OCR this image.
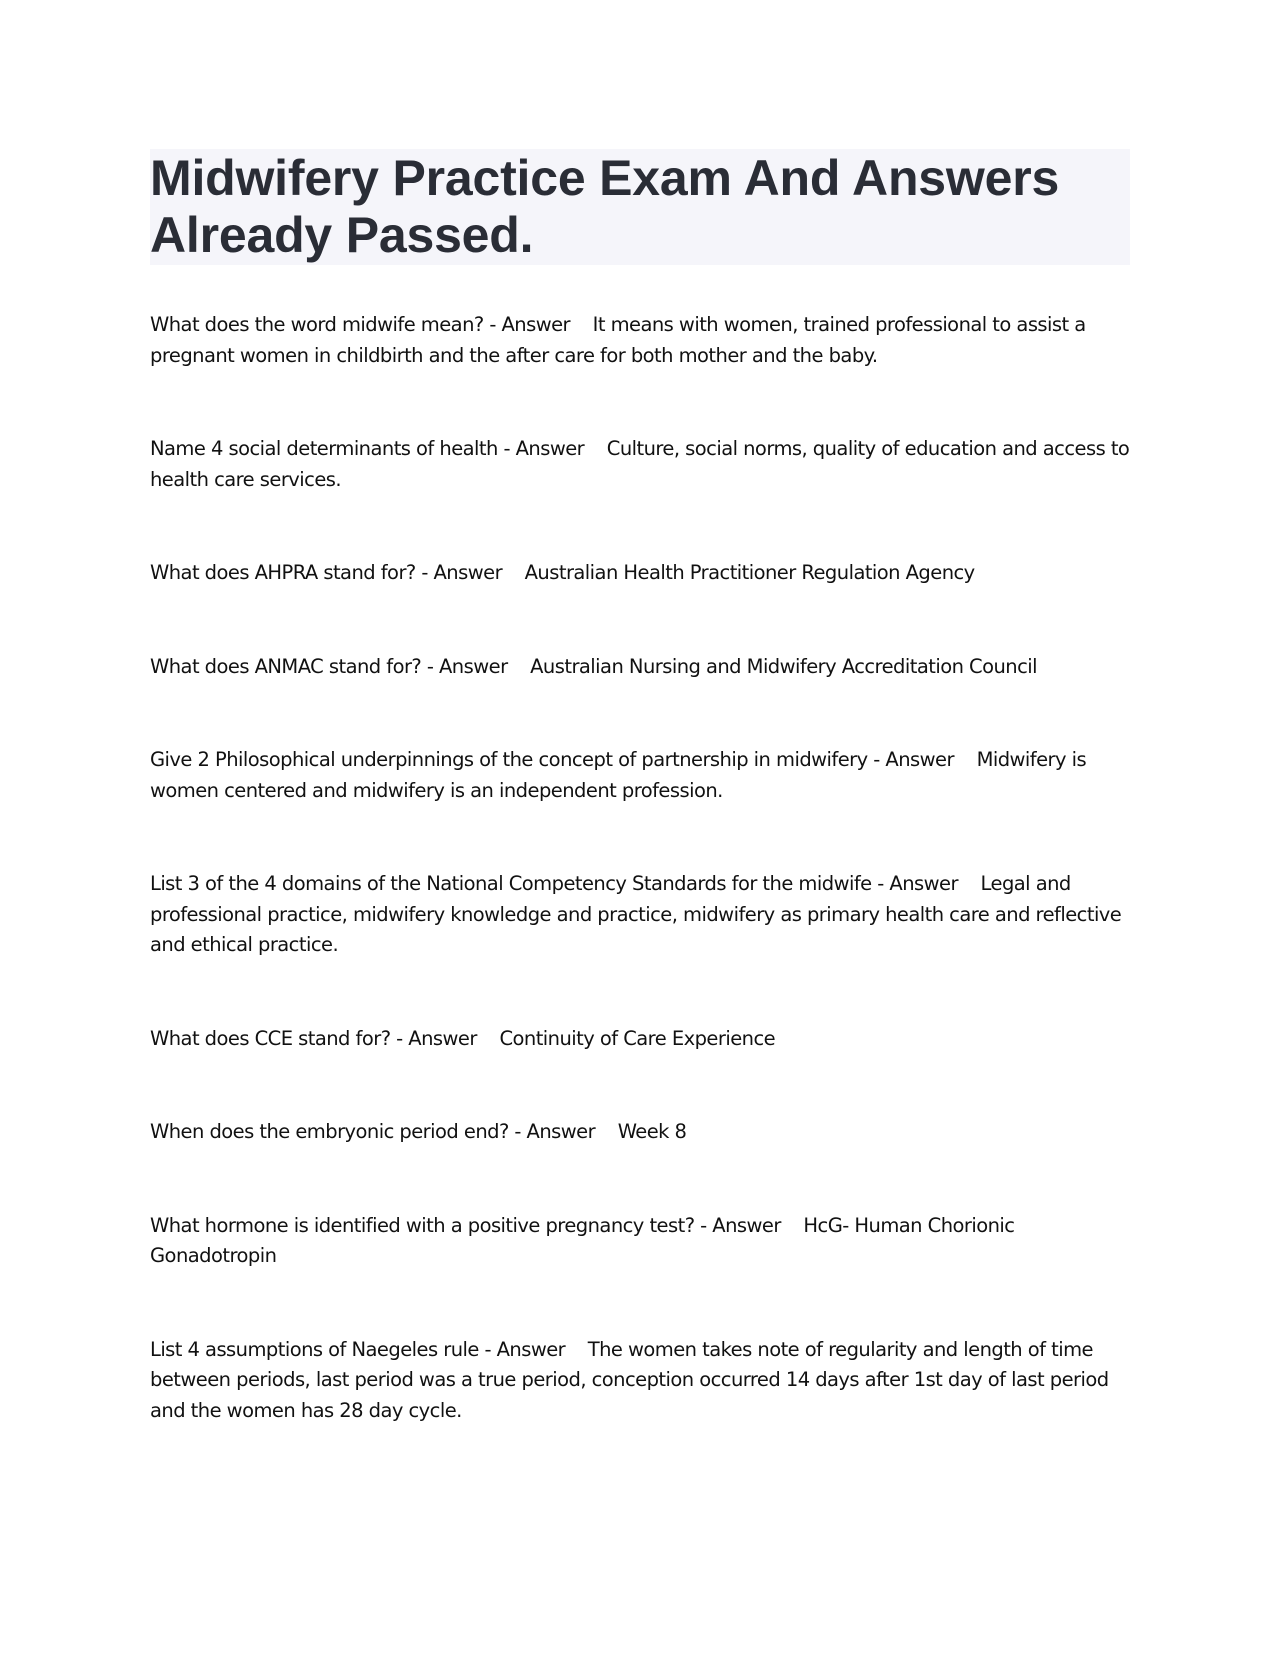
Midwifery Practice Exam And Answers Already Passed.
What does the word midwife mean? - Answer It means with women, trained professional to assist a pregnant women in childbirth and the after care for both mother and the baby.
Name 4 social determinants of health - Answer Culture, social norms, quality of education and access to health care services.
What does AHPRA stand for? - Answer Australian Health Practitioner Regulation Agency
What does ANMAC stand for? - Answer Australian Nursing and Midwifery Accreditation Council
Give 2 Philosophical underpinnings of the concept of partnership in midwifery - Answer Midwifery is women centered and midwifery is an independent profession.
List 3 of the 4 domains of the National Competency Standards for the midwife - Answer Legal and professional practice, midwifery knowledge and practice, midwifery as primary health care and reflective and ethical practice.
What does CCE stand for? - Answer Continuity of Care Experience
When does the embryonic period end? - Answer Week 8
What hormone is identified with a positive pregnancy test? - Answer HcG- Human Chorionic Gonadotropin
List 4 assumptions of Naegeles rule - Answer The women takes note of regularity and length of time between periods, last period was a true period, conception occurred 14 days after 1st day of last period and the women has 28 day cycle.
